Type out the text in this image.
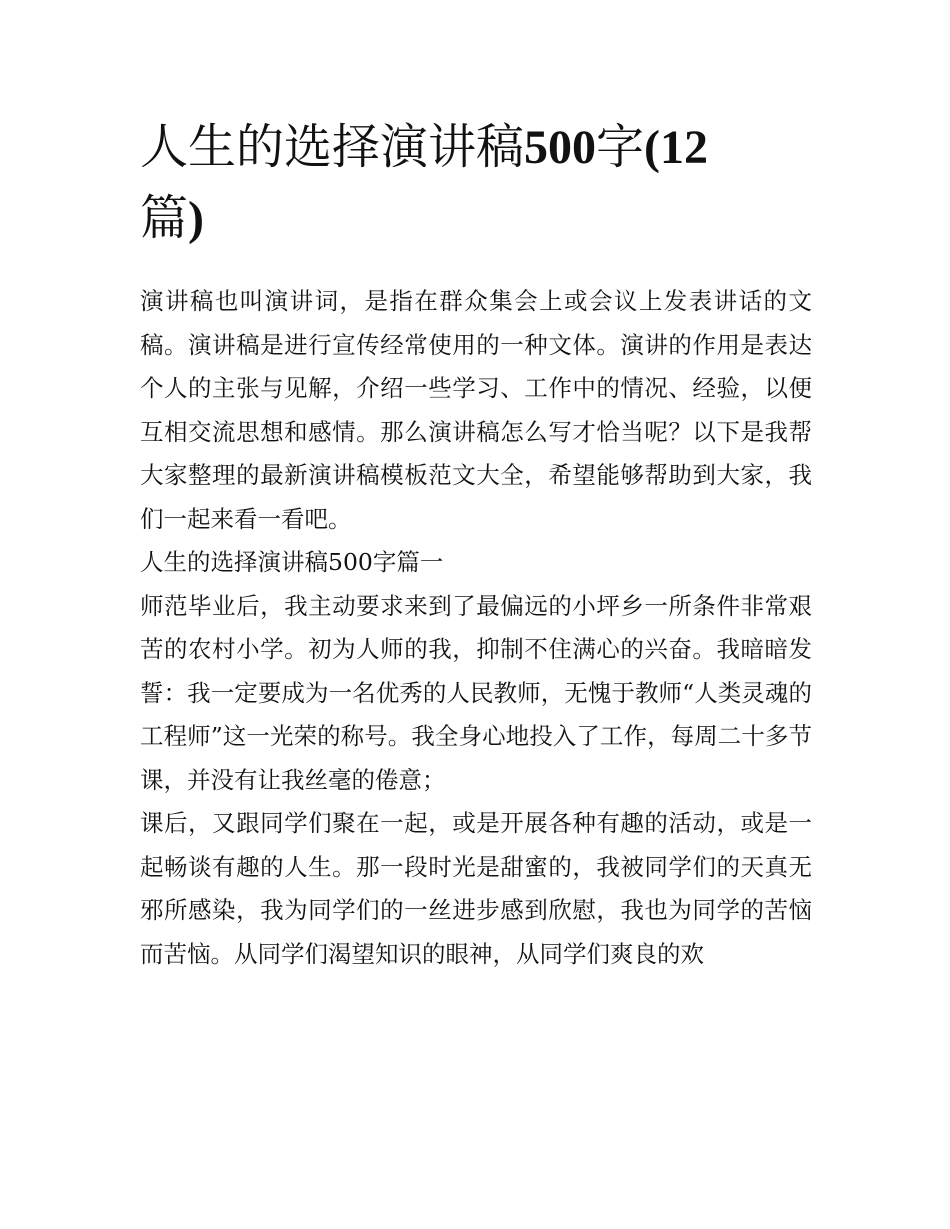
人生的选择演讲稿500字(12
篇)

演讲稿也叫演讲词，是指在群众集会上或会议上发表讲话的文稿。演讲稿是进行宣传经常使用的一种文体。演讲的作用是表达个人的主张与见解，介绍一些学习、工作中的情况、经验，以便互相交流思想和感情。那么演讲稿怎么写才恰当呢？以下是我帮大家整理的最新演讲稿模板范文大全，希望能够帮助到大家，我们一起来看一看吧。

人生的选择演讲稿500字篇一

师范毕业后，我主动要求来到了最偏远的小坪乡一所条件非常艰苦的农村小学。初为人师的我，抑制不住满心的兴奋。我暗暗发誓：我一定要成为一名优秀的人民教师，无愧于教师“人类灵魂的工程师”这一光荣的称号。我全身心地投入了工作，每周二十多节课，并没有让我丝毫的倦意；

课后，又跟同学们聚在一起，或是开展各种有趣的活动，或是一起畅谈有趣的人生。那一段时光是甜蜜的，我被同学们的天真无邪所感染，我为同学们的一丝进步感到欣慰，我也为同学的苦恼而苦恼。从同学们渴望知识的眼神，从同学们爽良的欢
